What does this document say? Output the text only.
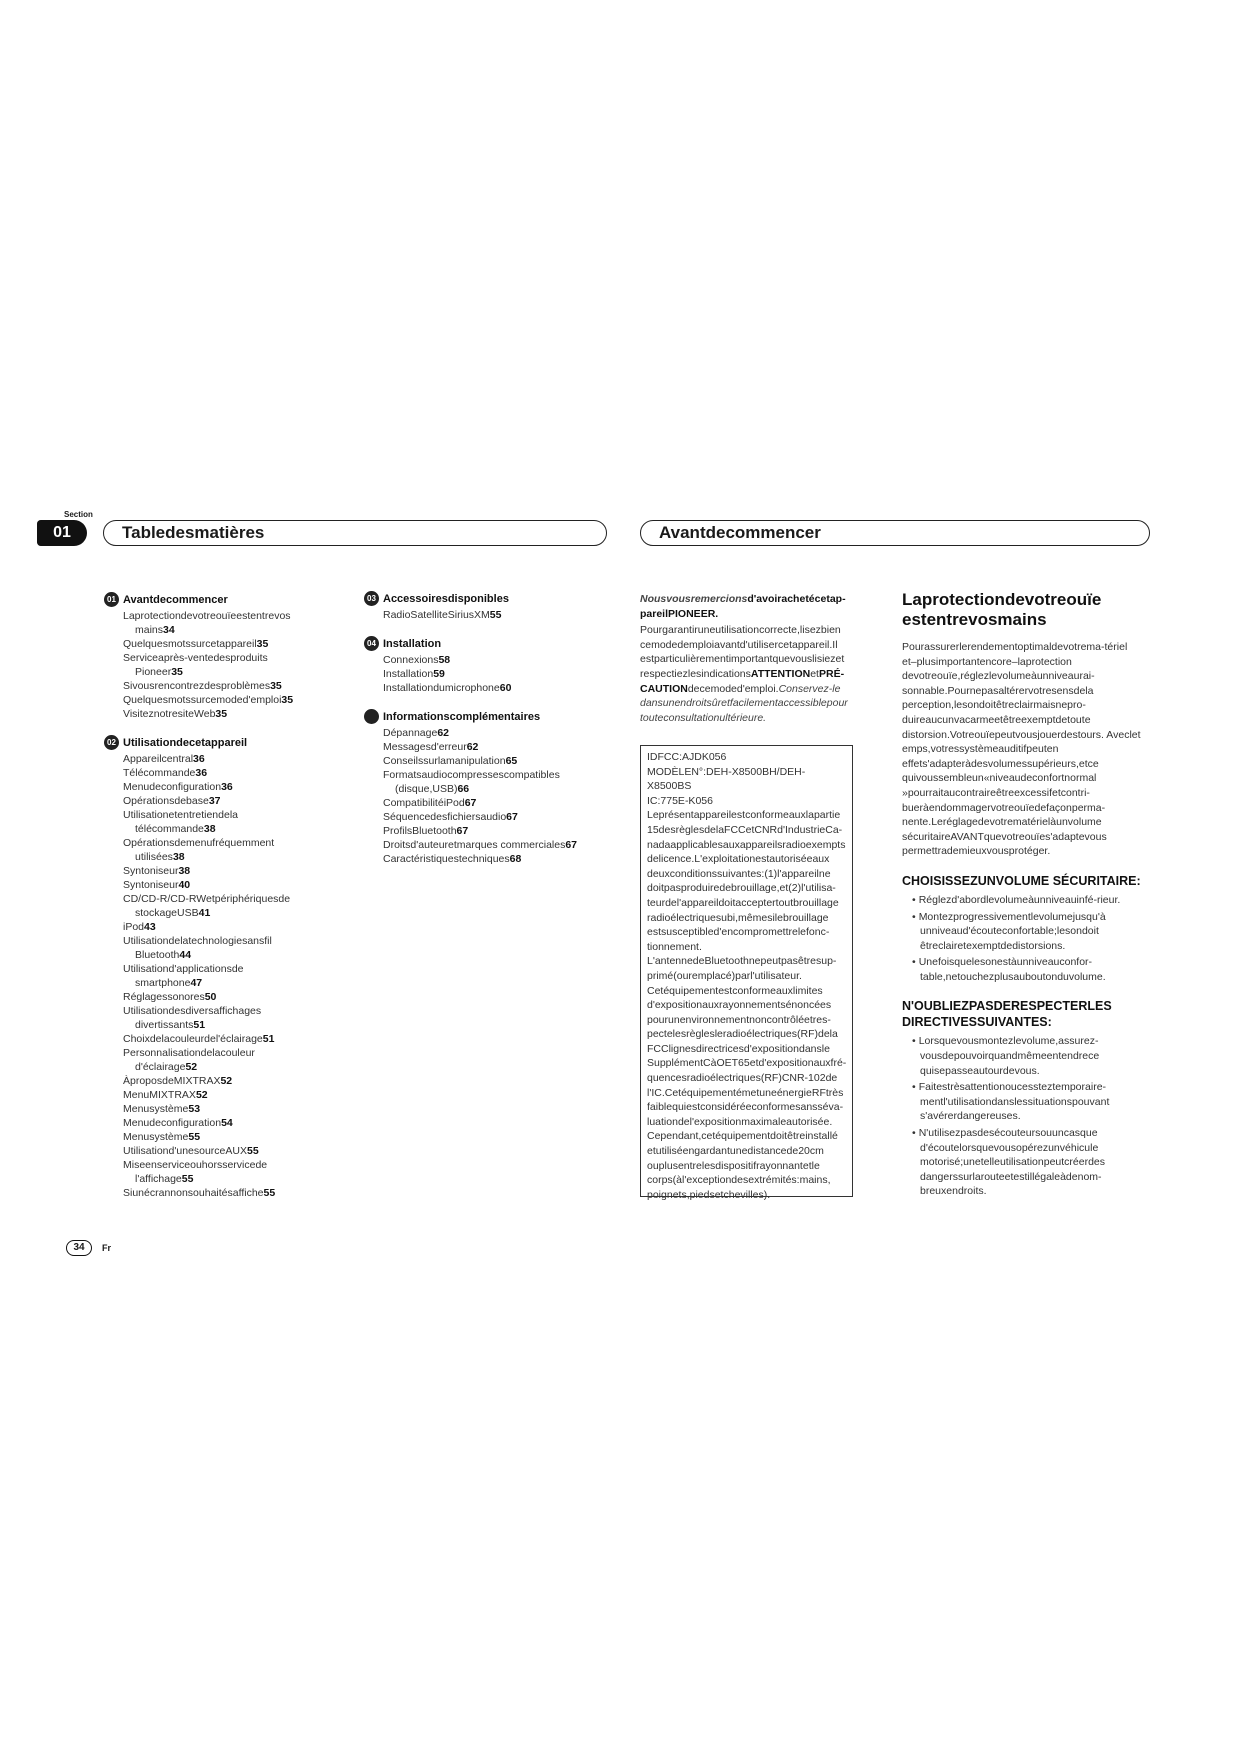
Section
01	Tabledesmatières	Avantdecommencer
01 Avantdecommencer
Laprotectiondevotreouïeestentrevos mains34
Quelquesmotssurcetappareil35
Serviceaprès-ventedesproduits Pioneer35
Sivousrencontrezdesproblèmes35
Quelquesmotssurcemoded'emploi35
VisiteznotresiteWeb35
02 Utilisationdecetappareil
Appareilcentral36
Télécommande36
Menudeconfiguration36
Opérationsdebase37
Utilisationetentretiendela télécommande38
Opérationsdemenufréquemment utilisées38
Syntoniseur38
Syntoniseur40
CD/CD-R/CD-RWetpériphériquesde stockageUSB41
iPod43
Utilisationdelatechnologiesansfil Bluetooth44
Utilisationd'applicationsde smartphone47
Réglagessonores50
Utilisationdesdiversaffichages divertissants51
Choixdelacouleurdel'éclairage51
Personnalisationdelacouleur d'éclairage52
ÀproposdeMIXTRAX52
MenuMIXTRAX52
Menusystème53
Menudeconfiguration54
Menusystème55
Utilisationd'unesourceAUX55
Miseenserviceouhorsservicede l'affichage55
Siunécrannonsouhaitésaffiche55
03 Accessoiresdisponibles
RadioSatelliteSiriusXM55
04 Installation
Connexions58
Installation59
Installationdumicrophone60
Informationscomplémentaires
Dépannage62
Messagesd'erreur62
Conseilssurlamanipulation65
Formatsaudiocompressescompatibles (disque,USB)66
CompatibilitéiPod67
Séquencedesfichiersaudio67
ProfilsBluetooth67
Droitsd'auteuretmarques commerciales67
Caractéristiquestechniques68

Nousvousremercionsd'avoirachetécetap-pareilPIONEER.

Pourgarantiruneutilisationcorrecte,lisezbien cemodedemploiavantd'utilisercetappareil.Il estparticulièrementimportantquevouslisiezet respectiezlesindicationsATTENTIONetPRÉ-CAUTIONdecemoded'emploi.Conservez-le dansunendroitsûretfacilementaccessiblepour touteconsultationultérieure.

IDFCC:AJDK056

MODÈLEN°:DEH-X8500BH/DEH-X8500BS

IC:775E-K056

Leprésentappareilestconformeauxlapartie 15desrèglesdelaFCCetCNRd'IndustrieCa-nadaapplicablesauxappareilsradioexempts delicence.L'exploitationestautoriséeaux deuxconditionssuivantes:(1)l'appareilne doitpasproduiredebrouillage,et(2)l'utilisa-teurdel'appareildoitacceptertoutbrouillage radioélectriquesubi,mêmesilebrouillage estsusceptibled'encompromettrelefonc-tionnement.

L'antennedeBluetoothnepeutpasêtresup-primé(ouremplacé)parl'utilisateur.

Cetéquipementestconformeauxlimites d'expositionauxrayonnementsénoncées pourunenvironnementnoncontrôléetres-pectelesrèglesleradioélectriques(RF)dela FCClignesdirectricesd'expositiondansle SupplémentCàOET65etd'expositionauxfré-quencesradioélectriques(RF)CNR-102de l'IC.CetéquipementémetuneénergieRFtrès faiblequiestconsidéréeconformesansséva-luationdel'expositionmaximaleautorisée. Cependant,cetéquipementdoitêtreinstallé etutiliséengardantunedistancede20cm ouplusentrelesdispositifrayonnantetle corps(àl'exceptiondesextrémités:mains, poignets,piedsetchevilles).

Laprotectiondevotreouïe estentrevosmains

Pourassurerlerendementoptimaldevotrema-tériel et–plusimportantencore–laprotection devotreouïe,réglezlevolumeàunniveaurai-sonnable.Pournepasaltérervotresensdela perception,lesondoitêtreclairmaisnepro-duireaucunvacarmeetêtreexemptdetoute distorsion.Votreouïepeutvousjouerdestours. Aveclet emps,votressystèmeauditifpeuten effets'adapteràdesvolumessupérieurs,etce quivoussembleun«niveaudeconfortnormal »pourraitaucontraireêtreexcessifetcontri-bueràendommagervotreouïedefaçonperma-nente.Leréglagedevotrematérielàunvolume sécuritaireAVANTquevotreouïes'adaptevous permettrademieuxvousprotéger.

CHOISISSEZUNVOLUME SÉCURITAIRE:

• Réglezd'abordlevolumeàunniveauinfé-rieur.

• Montezprogressivementlevolumejusqu'à unniveaud'écouteconfortable;lesondoit êtreclairetexemptdedistorsions.

• Unefoisquelesonestàunniveauconfor-table,netouchezplusauboutonduvolume.

N'OUBLIEZPASDERESPECTERLES DIRECTIVESSUIVANTES:

• Lorsquevousmontezlevolume,assurez-vousdepouvoirquandmêmeentendrece quisepasseautourdevous.

• Faitestrèsattentionoucessteztemporaire-mentl'utilisationdanslessituationspouvant s'avérerdangereuses.

• N'utilisezpasdesécouteursouuncasque d'écoutelorsquevousopérezunvéhicule motorisé;unetelleutilisationpeutcréerdes dangerssurlarouteetestillégaleàdenom-breuxendroits.

34	Fr
